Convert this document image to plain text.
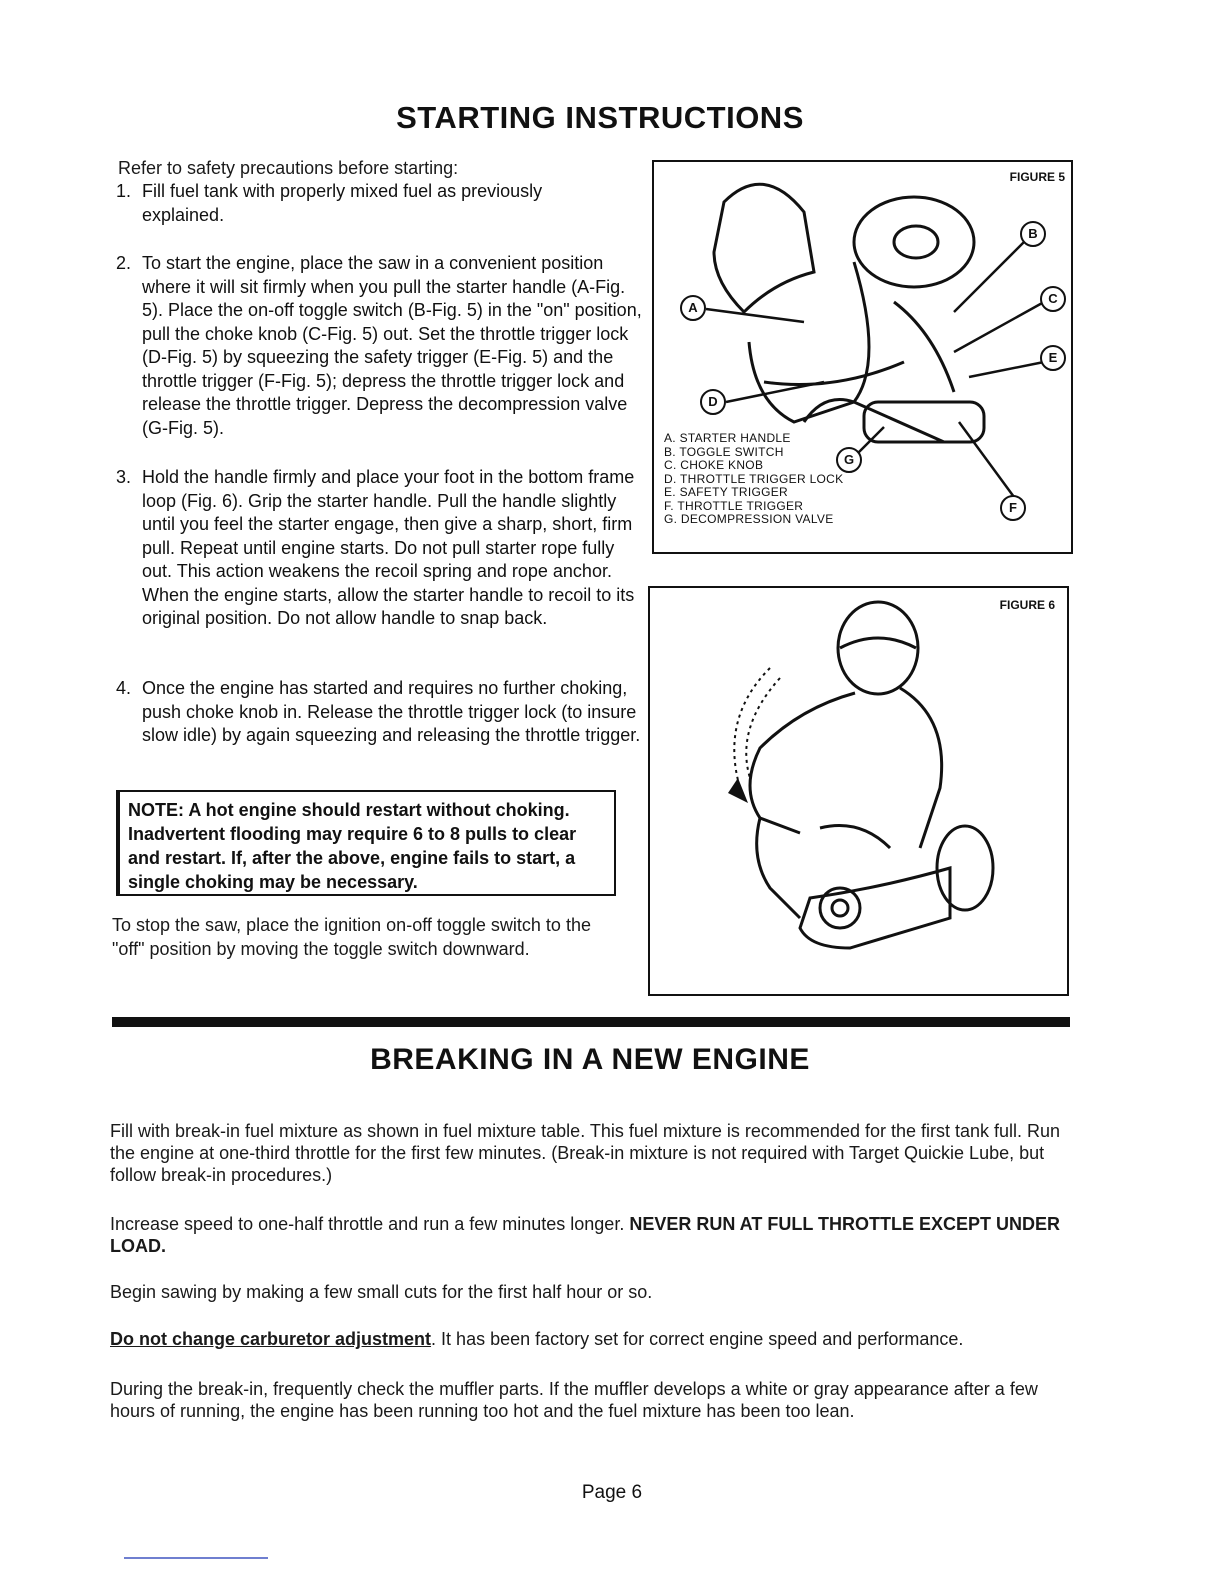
STARTING INSTRUCTIONS
Refer to safety precautions before starting:
1. Fill fuel tank with properly mixed fuel as previously explained.
2. To start the engine, place the saw in a convenient position where it will sit firmly when you pull the starter handle (A-Fig. 5). Place the on-off toggle switch (B-Fig. 5) in the "on" position, pull the choke knob (C-Fig. 5) out. Set the throttle trigger lock (D-Fig. 5) by squeezing the safety trigger (E-Fig. 5) and the throttle trigger (F-Fig. 5); depress the throttle trigger lock and release the throttle trigger. Depress the decompression valve (G-Fig. 5).
3. Hold the handle firmly and place your foot in the bottom frame loop (Fig. 6). Grip the starter handle. Pull the handle slightly until you feel the starter engage, then give a sharp, short, firm pull. Repeat until engine starts. Do not pull starter rope fully out. This action weakens the recoil spring and rope anchor. When the engine starts, allow the starter handle to recoil to its original position. Do not allow handle to snap back.
4. Once the engine has started and requires no further choking, push choke knob in. Release the throttle trigger lock (to insure slow idle) by again squeezing and releasing the throttle trigger.
NOTE: A hot engine should restart without choking. Inadvertent flooding may require 6 to 8 pulls to clear and restart. If, after the above, engine fails to start, a single choking may be necessary.
To stop the saw, place the ignition on-off toggle switch to the "off" position by moving the toggle switch downward.
FIGURE 5
A
B
C
D
E
F
G
A. STARTER HANDLE
B. TOGGLE SWITCH
C. CHOKE KNOB
D. THROTTLE TRIGGER LOCK
E. SAFETY TRIGGER
F. THROTTLE TRIGGER
G. DECOMPRESSION VALVE
FIGURE 6
BREAKING IN A NEW ENGINE
Fill with break-in fuel mixture as shown in fuel mixture table. This fuel mixture is recommended for the first tank full. Run the engine at one-third throttle for the first few minutes. (Break-in mixture is not required with Target Quickie Lube, but follow break-in procedures.)
Increase speed to one-half throttle and run a few minutes longer. NEVER RUN AT FULL THROTTLE EXCEPT UNDER LOAD.
Begin sawing by making a few small cuts for the first half hour or so.
Do not change carburetor adjustment. It has been factory set for correct engine speed and performance.
During the break-in, frequently check the muffler parts. If the muffler develops a white or gray appearance after a few hours of running, the engine has been running too hot and the fuel mixture has been too lean.
Page 6
